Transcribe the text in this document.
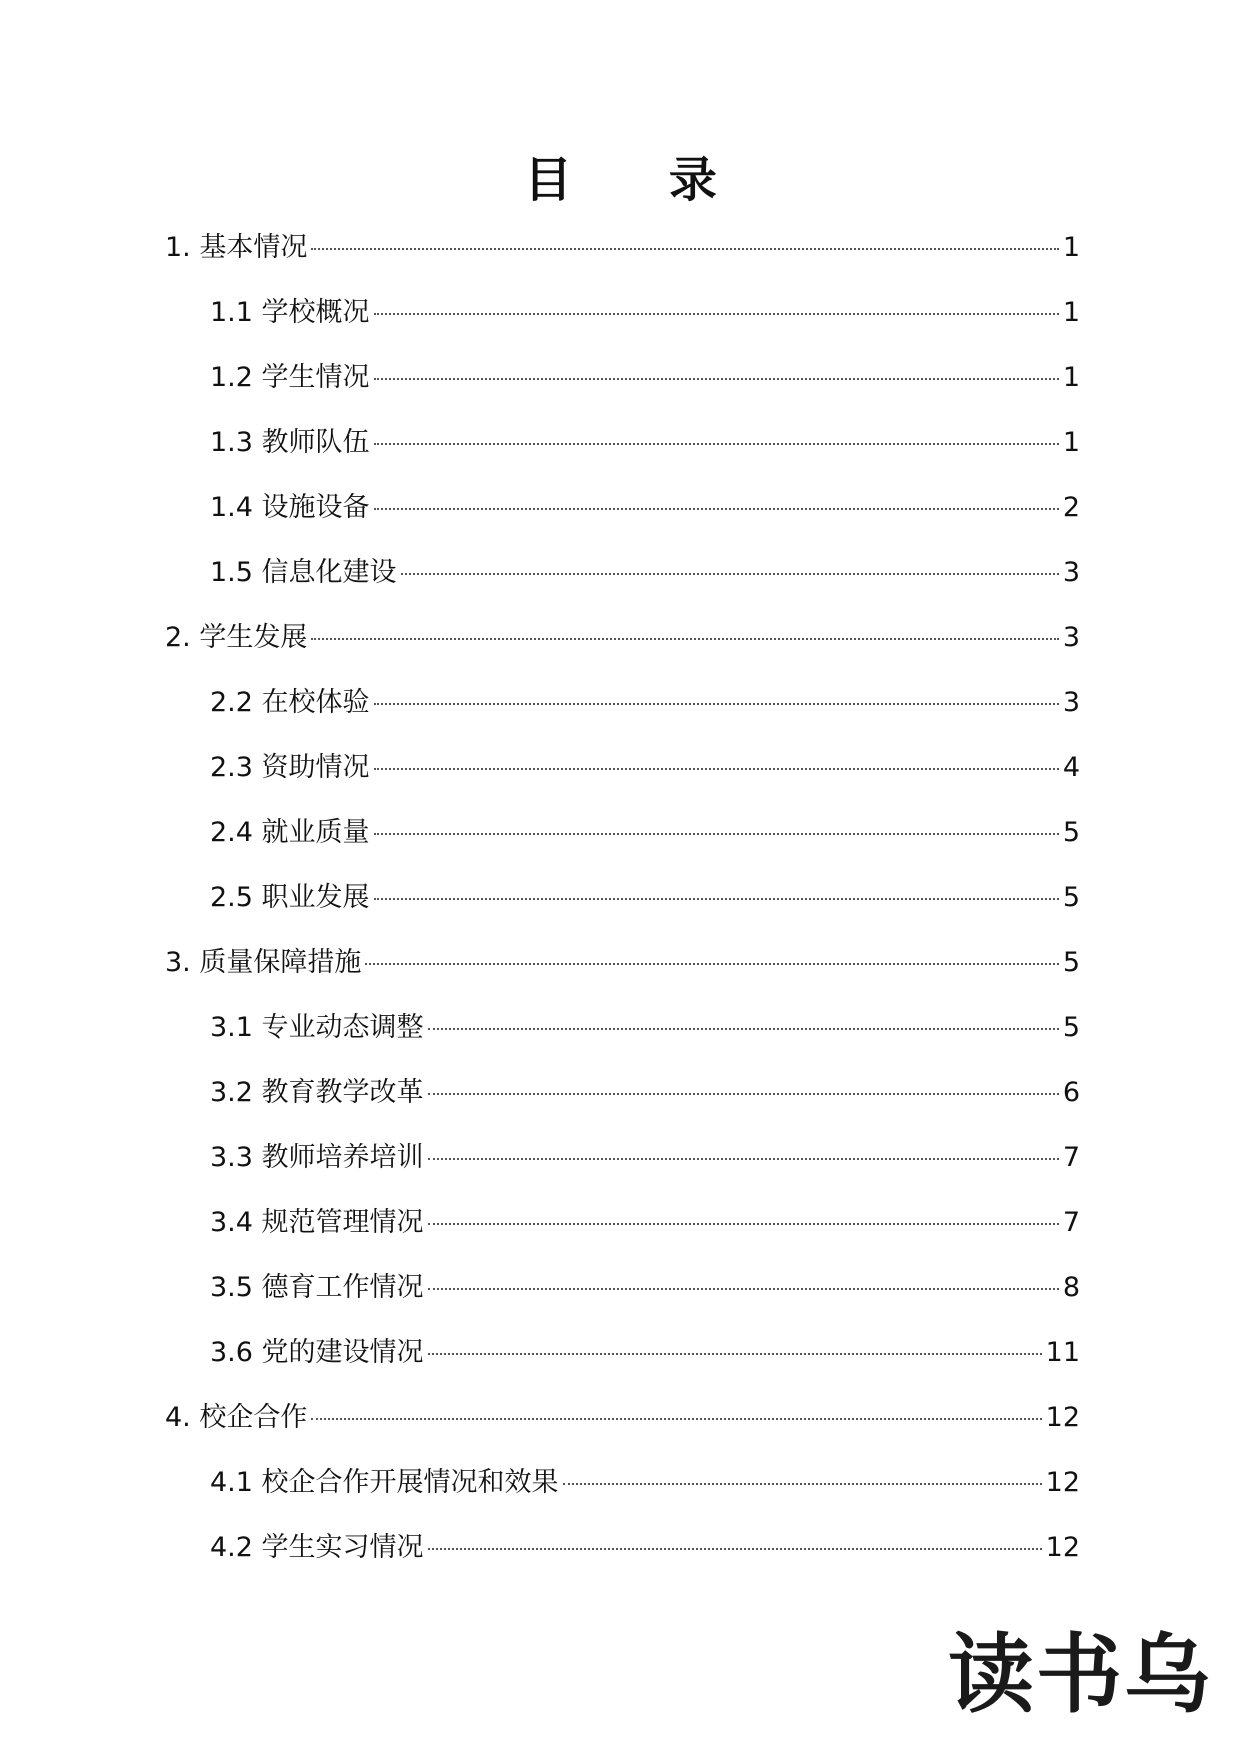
目 录
1. 基本情况	1
1.1 学校概况	1
1.2 学生情况	1
1.3 教师队伍	1
1.4 设施设备	2
1.5 信息化建设	3
2. 学生发展	3
2.2 在校体验	3
2.3 资助情况	4
2.4 就业质量	5
2.5 职业发展	5
3. 质量保障措施	5
3.1 专业动态调整	5
3.2 教育教学改革	6
3.3 教师培养培训	7
3.4 规范管理情况	7
3.5 德育工作情况	8
3.6 党的建设情况	11
4. 校企合作	12
4.1 校企合作开展情况和效果	12
4.2 学生实习情况	12
读书乌
